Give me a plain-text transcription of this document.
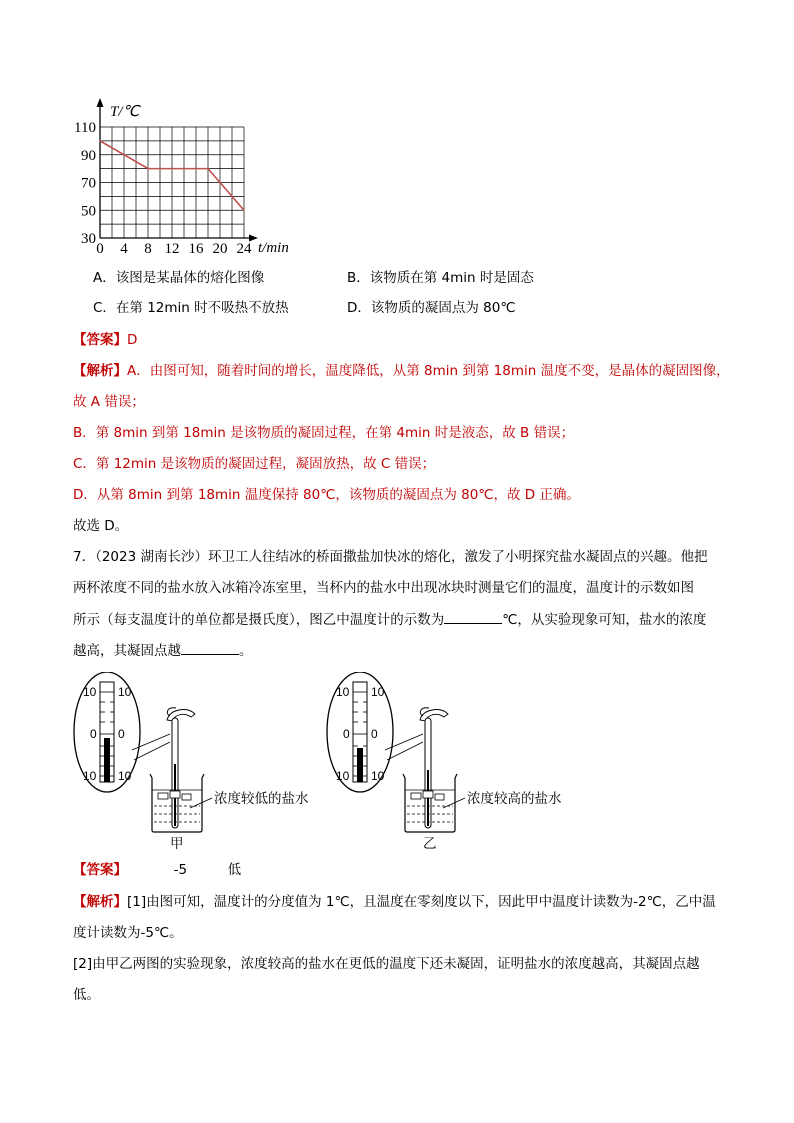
T/℃
t/min
30
50
70
90
110
0 4 8 12 16 20 24
A．该图是某晶体的熔化图像	B．该物质在第 4min 时是固态
C．在第 12min 时不吸热不放热	D．该物质的凝固点为 80℃
【答案】D
【解析】A．由图可知，随着时间的增长，温度降低，从第 8min 到第 18min 温度不变，是晶体的凝固图像，
故 A 错误；
B．第 8min 到第 18min 是该物质的凝固过程，在第 4min 时是液态，故 B 错误；
C．第 12min 是该物质的凝固过程，凝固放热，故 C 错误；
D．从第 8min 到第 18min 温度保持 80℃，该物质的凝固点为 80℃，故 D 正确。
故选 D。
7．（2023 湖南长沙）环卫工人往结冰的桥面撒盐加快冰的熔化，激发了小明探究盐水凝固点的兴趣。他把
两杯浓度不同的盐水放入冰箱冷冻室里，当杯内的盐水中出现冰块时测量它们的温度，温度计的示数如图
所示（每支温度计的单位都是摄氏度），图乙中温度计的示数为	℃，从实验现象可知，盐水的浓度
越高，其凝固点越	。
10
0
10
10
0
10
浓度较低的盐水
甲
10
0
10
10
0
10
浓度较高的盐水
乙
【答案】	-5	低
【解析】[1]由图可知，温度计的分度值为 1℃，且温度在零刻度以下，因此甲中温度计读数为-2℃，乙中温
度计读数为-5℃。
[2]由甲乙两图的实验现象，浓度较高的盐水在更低的温度下还未凝固，证明盐水的浓度越高，其凝固点越
低。
